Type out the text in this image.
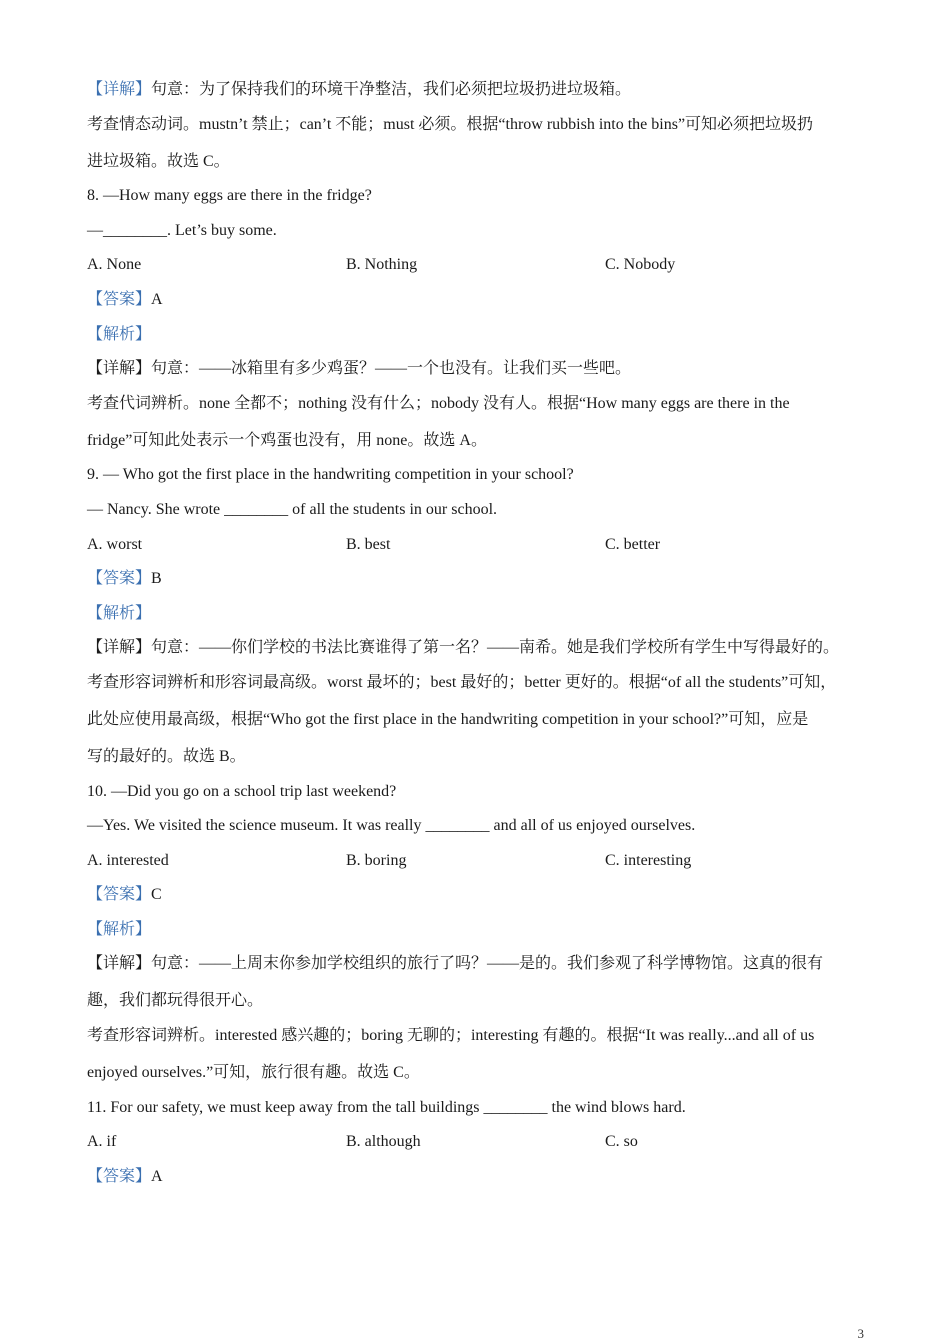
【详解】句意：为了保持我们的环境干净整洁，我们必须把垃圾扔进垃圾箱。
考查情态动词。mustn’t 禁止；can’t 不能；must 必须。根据“throw rubbish into the bins”可知必须把垃圾扔
进垃圾箱。故选 C。
8. —How many eggs are there in the fridge?
—________. Let’s buy some.
A. None	B. Nothing	C. Nobody
【答案】A
【解析】
【详解】句意：——冰箱里有多少鸡蛋？——一个也没有。让我们买一些吧。
考查代词辨析。none 全都不；nothing 没有什么；nobody 没有人。根据“How many eggs are there in the
fridge”可知此处表示一个鸡蛋也没有，用 none。故选 A。
9. — Who got the first place in the handwriting competition in your school?
— Nancy. She wrote ________ of all the students in our school.
A. worst	B. best	C. better
【答案】B
【解析】
【详解】句意：——你们学校的书法比赛谁得了第一名？——南希。她是我们学校所有学生中写得最好的。
考查形容词辨析和形容词最高级。worst 最坏的；best 最好的；better 更好的。根据“of all the students”可知，
此处应使用最高级，根据“Who got the first place in the handwriting competition in your school?”可知，应是
写的最好的。故选 B。
10. —Did you go on a school trip last weekend?
—Yes. We visited the science museum. It was really ________ and all of us enjoyed ourselves.
A. interested	B. boring	C. interesting
【答案】C
【解析】
【详解】句意：——上周末你参加学校组织的旅行了吗？——是的。我们参观了科学博物馆。这真的很有
趣，我们都玩得很开心。
考查形容词辨析。interested 感兴趣的；boring 无聊的；interesting 有趣的。根据“It was really...and all of us
enjoyed ourselves.”可知，旅行很有趣。故选 C。
11. For our safety, we must keep away from the tall buildings ________ the wind blows hard.
A. if	B. although	C. so
【答案】A
3
